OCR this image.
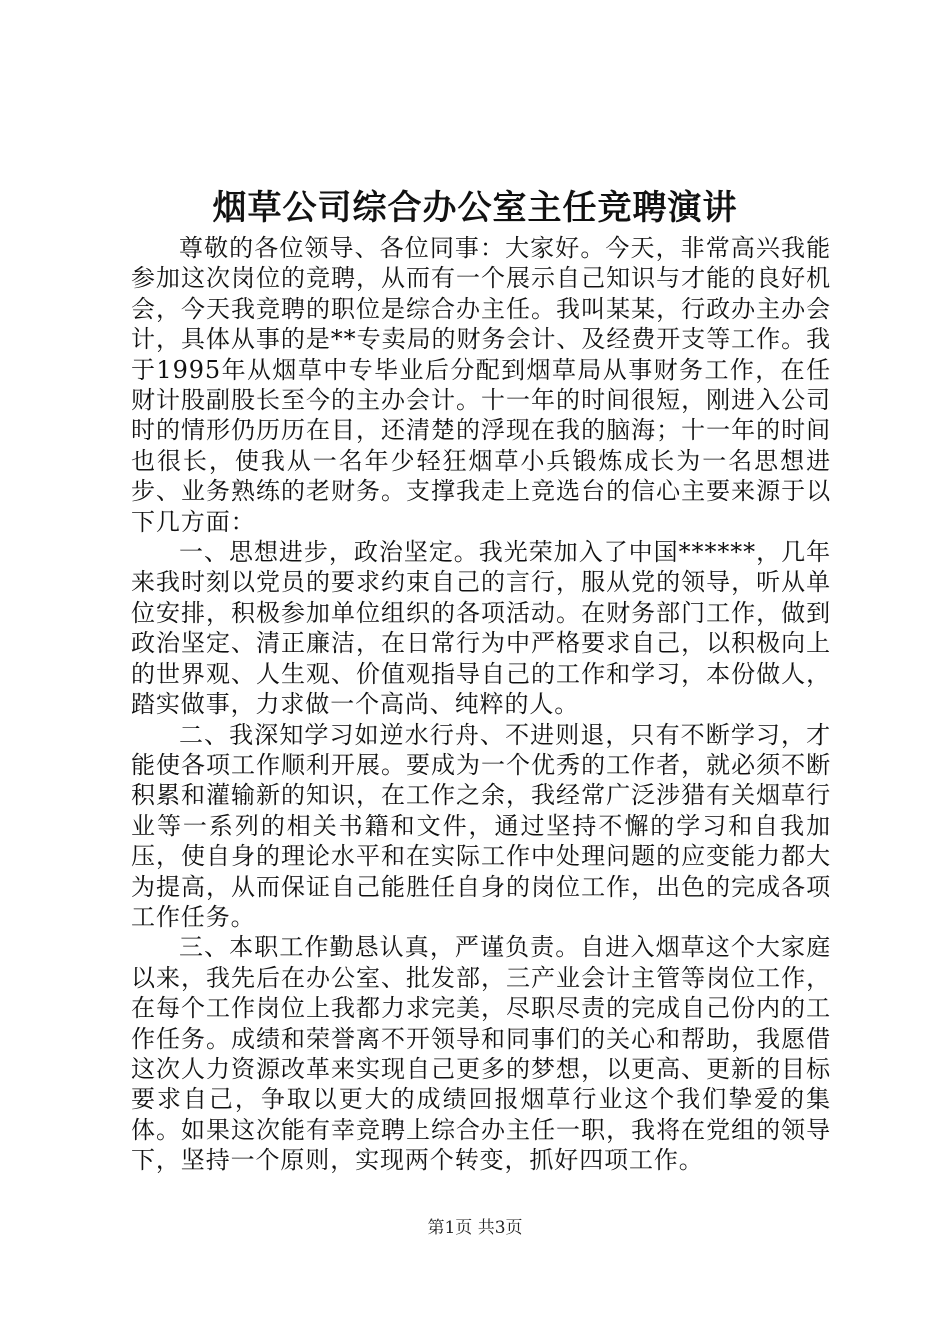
烟草公司综合办公室主任竞聘演讲

尊敬的各位领导、各位同事：大家好。今天，非常高兴我能参加这次岗位的竞聘，从而有一个展示自己知识与才能的良好机会，今天我竞聘的职位是综合办主任。我叫某某，行政办主办会计，具体从事的是**专卖局的财务会计、及经费开支等工作。我于1995年从烟草中专毕业后分配到烟草局从事财务工作，在任财计股副股长至今的主办会计。十一年的时间很短，刚进入公司时的情形仍历历在目，还清楚的浮现在我的脑海；十一年的时间也很长，使我从一名年少轻狂烟草小兵锻炼成长为一名思想进步、业务熟练的老财务。支撑我走上竞选台的信心主要来源于以下几方面：

一、思想进步，政治坚定。我光荣加入了中国******，几年来我时刻以党员的要求约束自己的言行，服从党的领导，听从单位安排，积极参加单位组织的各项活动。在财务部门工作，做到政治坚定、清正廉洁，在日常行为中严格要求自己，以积极向上的世界观、人生观、价值观指导自己的工作和学习，本份做人，踏实做事，力求做一个高尚、纯粹的人。

二、我深知学习如逆水行舟、不进则退，只有不断学习，才能使各项工作顺利开展。要成为一个优秀的工作者，就必须不断积累和灌输新的知识，在工作之余，我经常广泛涉猎有关烟草行业等一系列的相关书籍和文件，通过坚持不懈的学习和自我加压，使自身的理论水平和在实际工作中处理问题的应变能力都大为提高，从而保证自己能胜任自身的岗位工作，出色的完成各项工作任务。

三、本职工作勤恳认真，严谨负责。自进入烟草这个大家庭以来，我先后在办公室、批发部，三产业会计主管等岗位工作，在每个工作岗位上我都力求完美，尽职尽责的完成自己份内的工作任务。成绩和荣誉离不开领导和同事们的关心和帮助，我愿借这次人力资源改革来实现自己更多的梦想，以更高、更新的目标要求自己，争取以更大的成绩回报烟草行业这个我们挚爱的集体。如果这次能有幸竞聘上综合办主任一职，我将在党组的领导下，坚持一个原则，实现两个转变，抓好四项工作。

第1页 共3页
